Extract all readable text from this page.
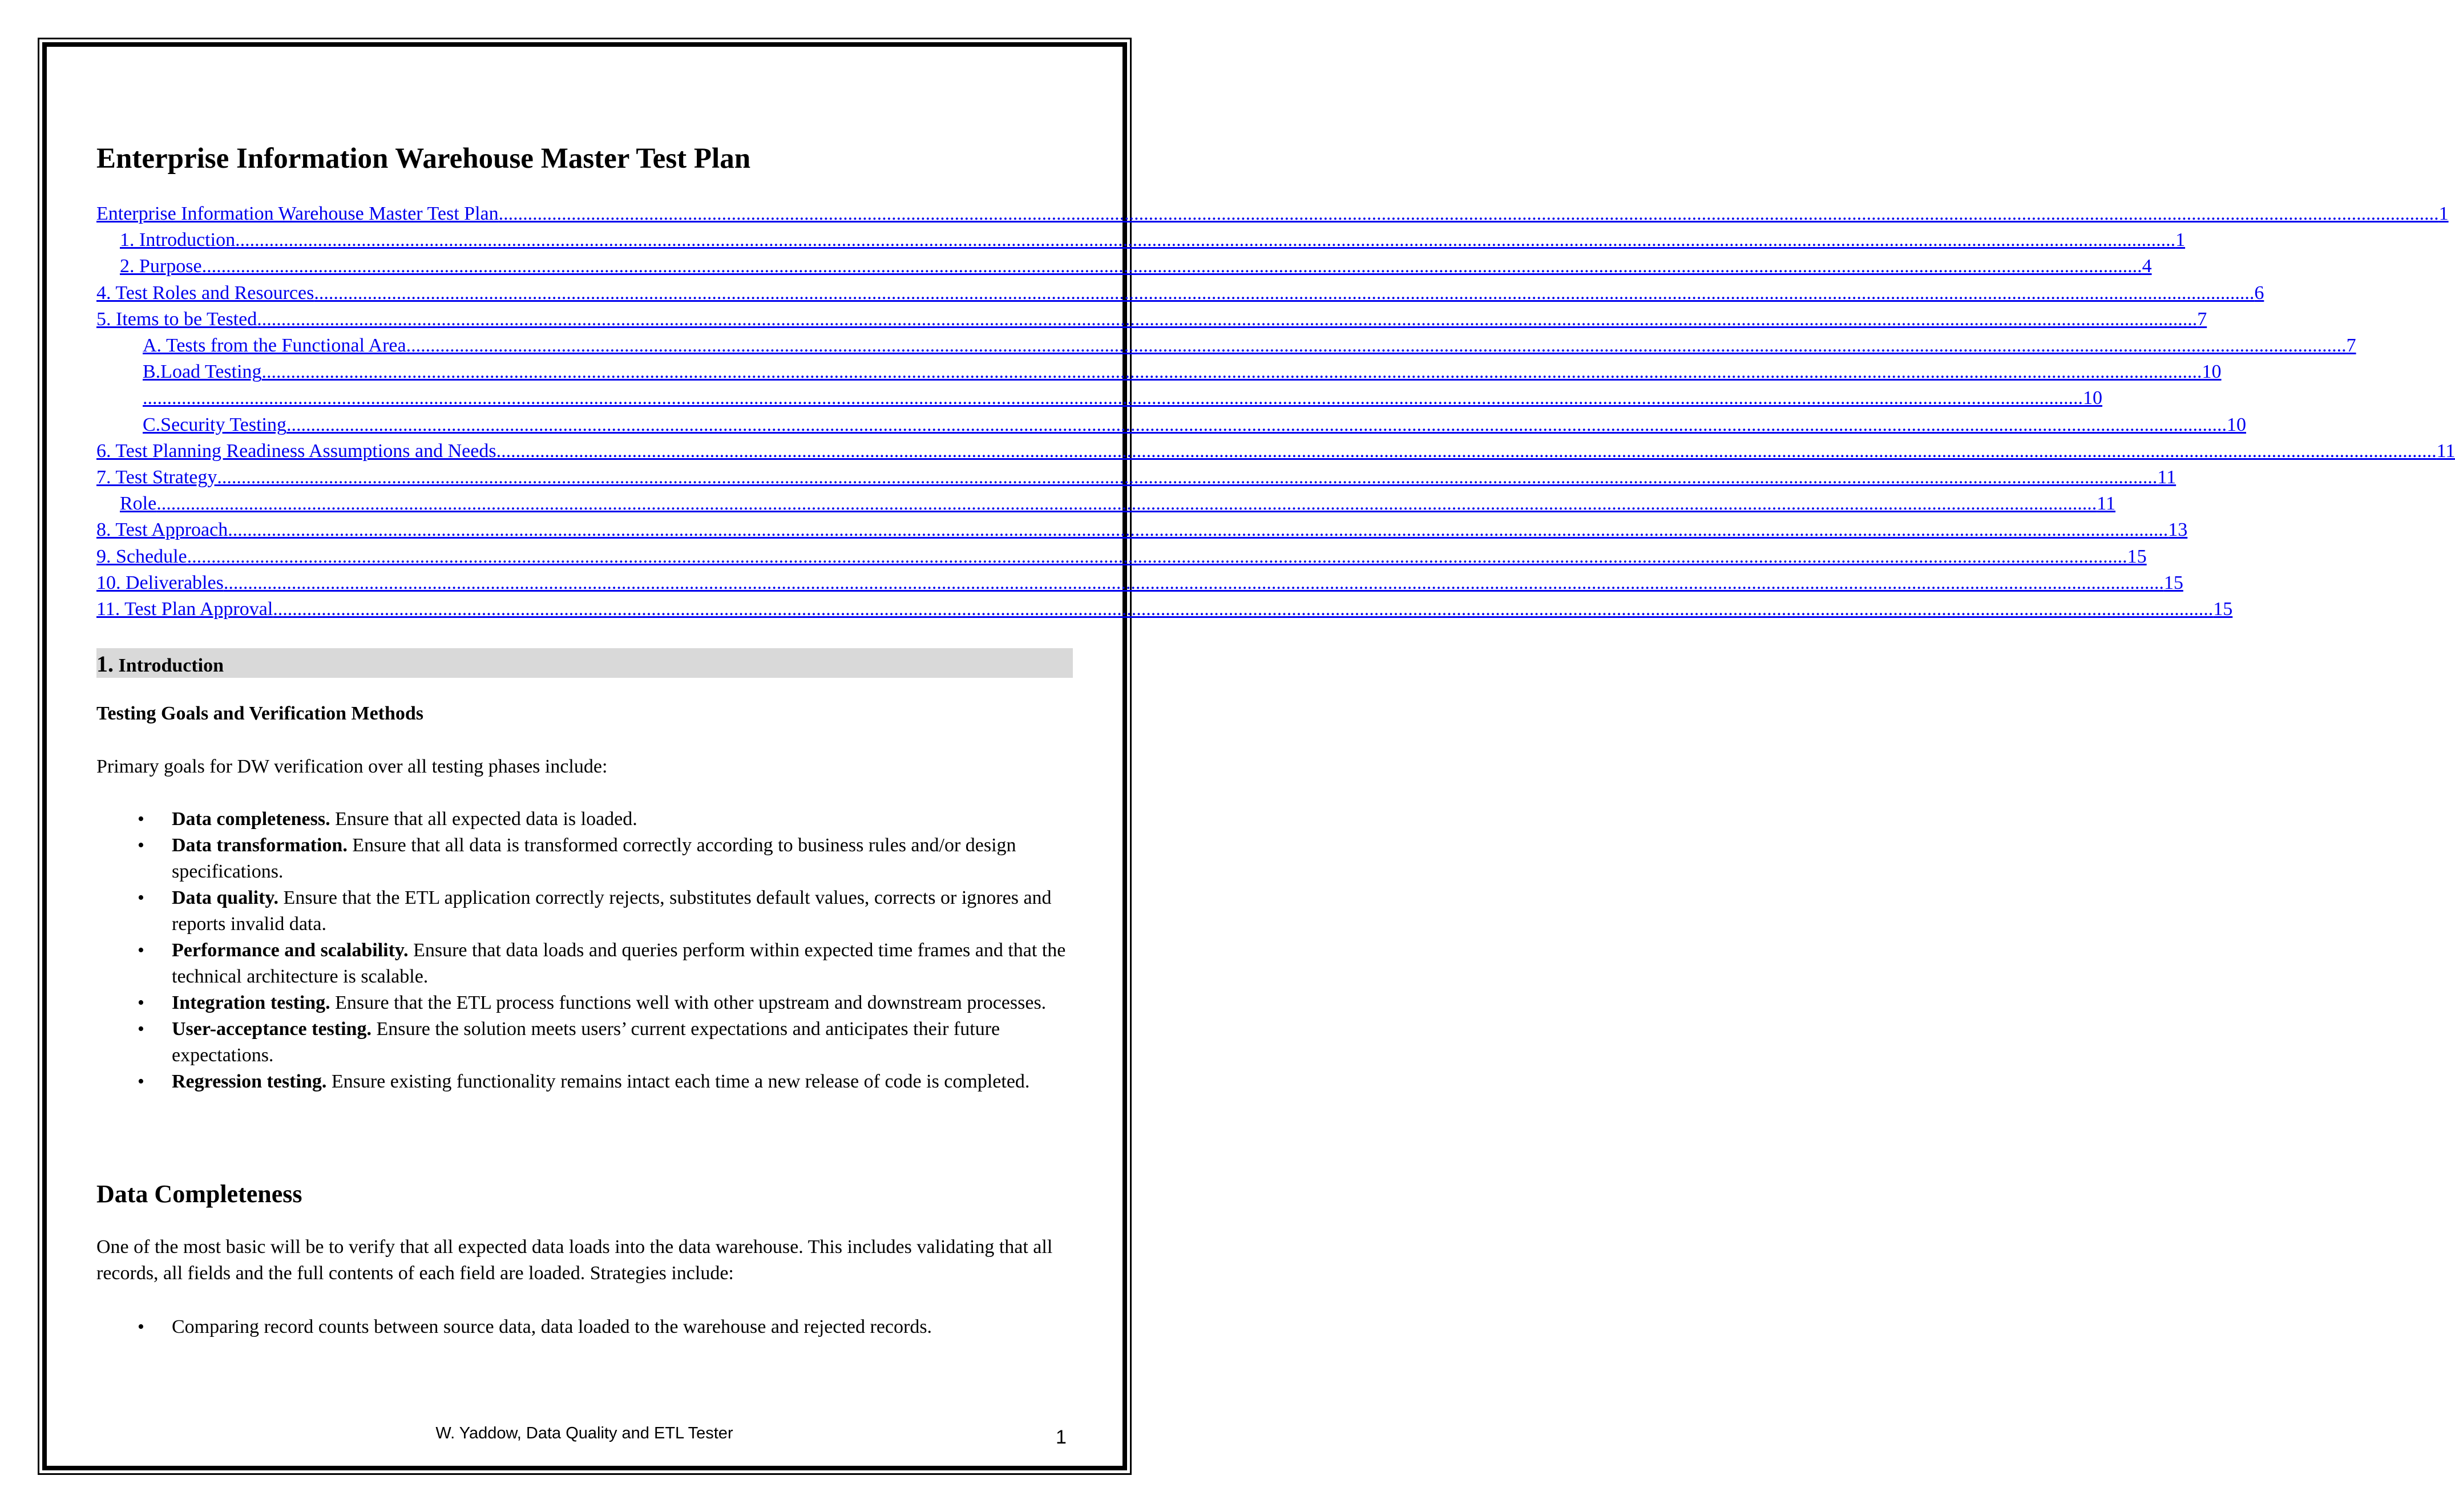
Enterprise Information Warehouse Master Test Plan
Enterprise Information Warehouse Master Test Plan ................................................................................................................................................................................................................................................................................................................................................................................................................ 1
1. Introduction ................................................................................................................................................................................................................................................................................................................................................................................................................ 1
2. Purpose ................................................................................................................................................................................................................................................................................................................................................................................................................ 4
4. Test Roles and Resources ................................................................................................................................................................................................................................................................................................................................................................................................................ 6
5. Items to be Tested ................................................................................................................................................................................................................................................................................................................................................................................................................ 7
A. Tests from the Functional Area ................................................................................................................................................................................................................................................................................................................................................................................................................ 7
B.Load Testing ................................................................................................................................................................................................................................................................................................................................................................................................................ 10
................................................................................................................................................................................................................................................................................................................................................................................................................ 10
C.Security Testing ................................................................................................................................................................................................................................................................................................................................................................................................................ 10
6. Test Planning Readiness Assumptions and Needs ................................................................................................................................................................................................................................................................................................................................................................................................................ 11
7. Test Strategy ................................................................................................................................................................................................................................................................................................................................................................................................................ 11
Role ................................................................................................................................................................................................................................................................................................................................................................................................................ 11
8. Test Approach ................................................................................................................................................................................................................................................................................................................................................................................................................ 13
9. Schedule ................................................................................................................................................................................................................................................................................................................................................................................................................ 15
10. Deliverables ................................................................................................................................................................................................................................................................................................................................................................................................................ 15
11. Test Plan Approval ................................................................................................................................................................................................................................................................................................................................................................................................................ 15
1. Introduction
Testing Goals and Verification Methods
Primary goals for DW verification over all testing phases include:
• Data completeness. Ensure that all expected data is loaded.
• Data transformation. Ensure that all data is transformed correctly according to business rules and/or design specifications.
• Data quality. Ensure that the ETL application correctly rejects, substitutes default values, corrects or ignores and reports invalid data.
• Performance and scalability. Ensure that data loads and queries perform within expected time frames and that the technical architecture is scalable.
• Integration testing. Ensure that the ETL process functions well with other upstream and downstream processes.
• User-acceptance testing. Ensure the solution meets users’ current expectations and anticipates their future expectations.
• Regression testing. Ensure existing functionality remains intact each time a new release of code is completed.
Data Completeness
One of the most basic will be to verify that all expected data loads into the data warehouse. This includes validating that all records, all fields and the full contents of each field are loaded. Strategies include:
• Comparing record counts between source data, data loaded to the warehouse and rejected records.
W. Yaddow, Data Quality and ETL Tester	1
